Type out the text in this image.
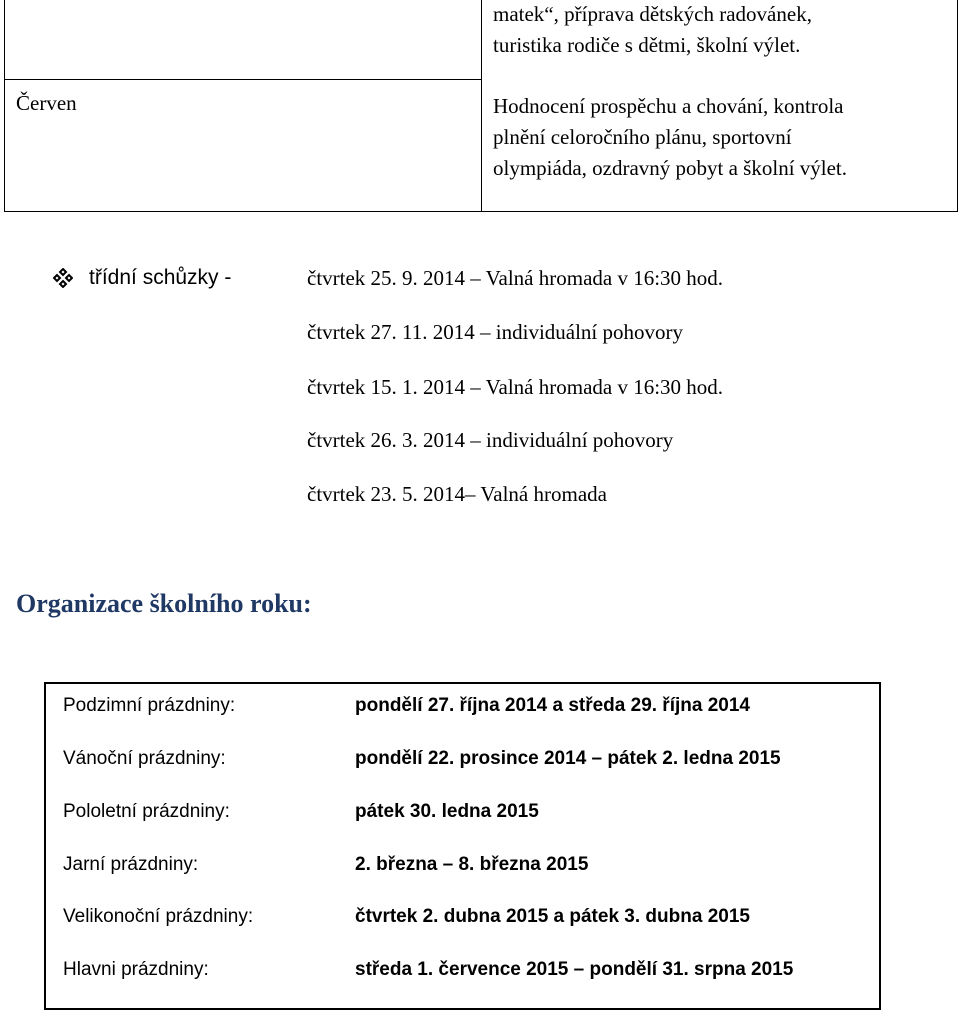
matek“, příprava dětských radovánek,
turistika rodiče s dětmi, školní výlet.
Červen	Hodnocení prospěchu a chování, kontrola
plnění celoročního plánu, sportovní
olympiáda, ozdravný pobyt a školní výlet.
třídní schůzky -	čtvrtek 25. 9. 2014 – Valná hromada v 16:30 hod.
čtvrtek 27. 11. 2014 – individuální pohovory
čtvrtek 15. 1. 2014 – Valná hromada v 16:30 hod.
čtvrtek 26. 3. 2014 – individuální pohovory
čtvrtek 23. 5. 2014– Valná hromada
Organizace školního roku:
Podzimní prázdniny:	pondělí 27. října 2014 a středa 29. října 2014
Vánoční prázdniny:	pondělí 22. prosince 2014 – pátek 2. ledna 2015
Pololetní prázdniny:	pátek 30. ledna 2015
Jarní prázdniny:	2. března – 8. března 2015
Velikonoční prázdniny:	čtvrtek 2. dubna 2015 a pátek 3. dubna 2015
Hlavni prázdniny:	středa 1. července 2015 – pondělí 31. srpna 2015
